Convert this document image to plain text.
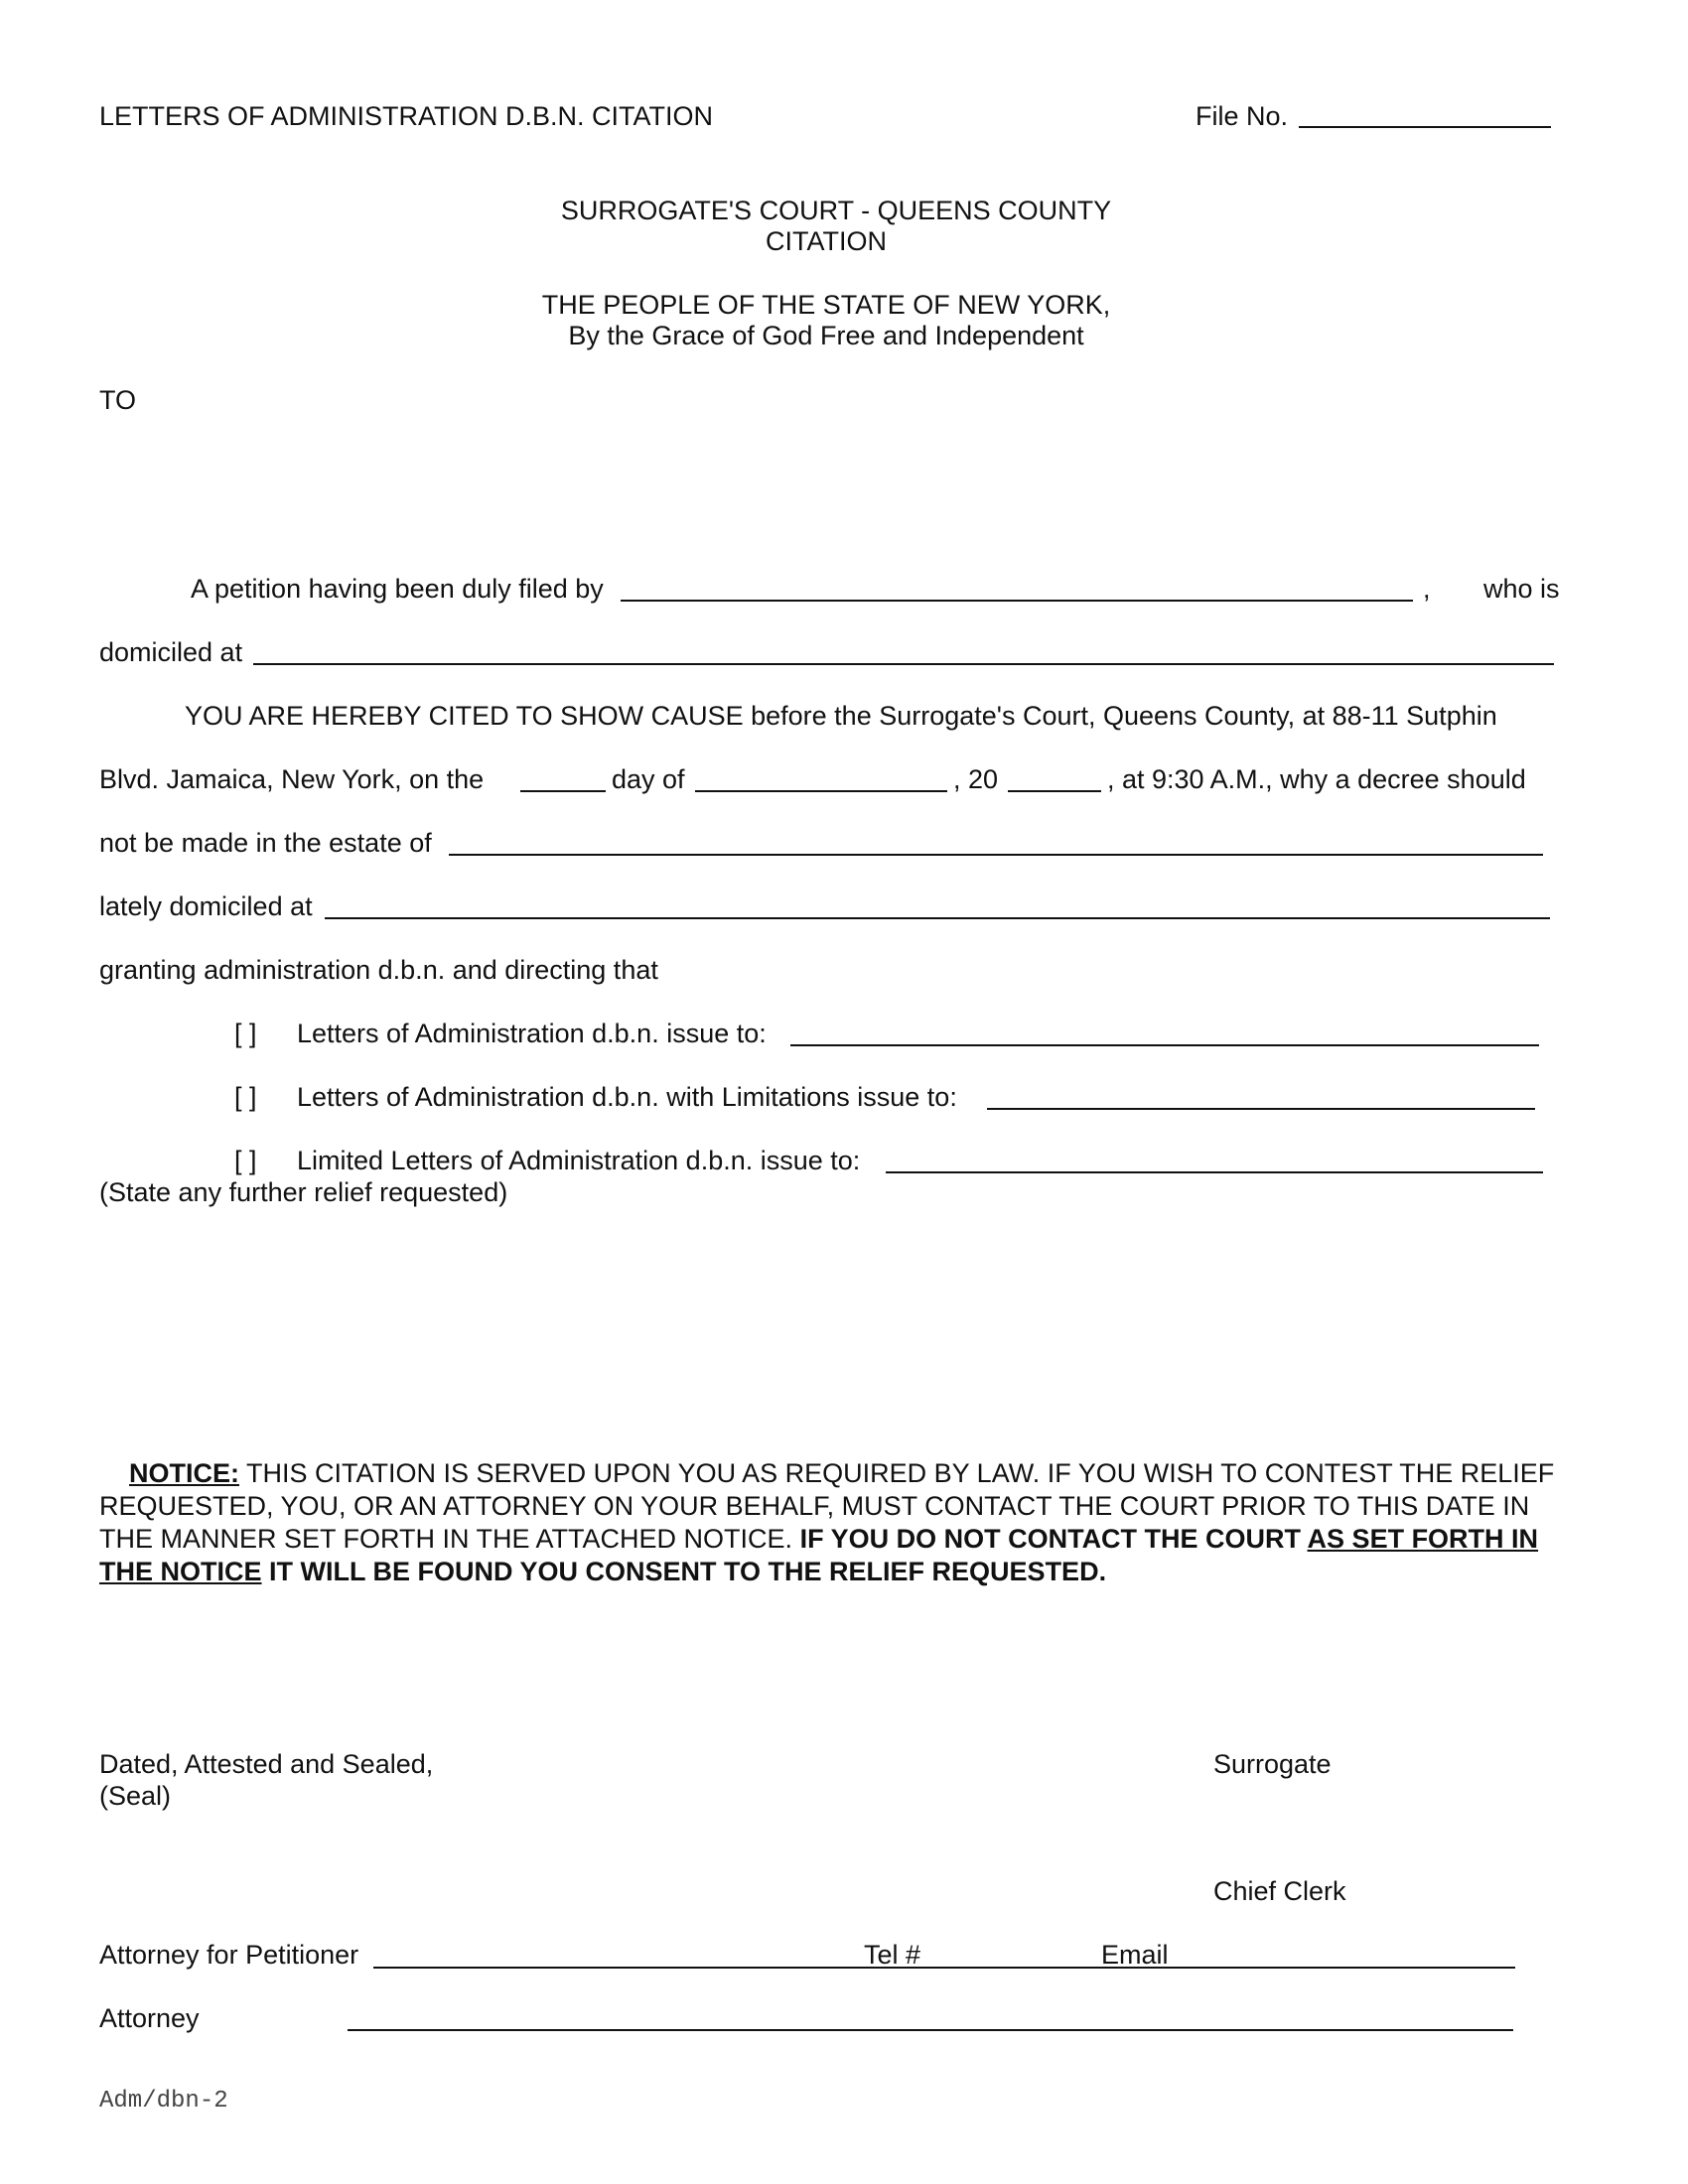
LETTERS OF ADMINISTRATION D.B.N. CITATION	File No.
SURROGATE'S COURT - QUEENS COUNTY
CITATION
THE PEOPLE OF THE STATE OF NEW YORK,
By the Grace of God Free and Independent
TO
A petition having been duly filed by	, who is
domiciled at
YOU ARE HEREBY CITED TO SHOW CAUSE before the Surrogate's Court, Queens County, at 88-11 Sutphin
Blvd. Jamaica, New York, on the	day of	, 20	, at 9:30 A.M., why a decree should
not be made in the estate of
lately domiciled at
granting administration d.b.n. and directing that
[ ] Letters of Administration d.b.n. issue to:
[ ] Letters of Administration d.b.n. with Limitations issue to:
[ ] Limited Letters of Administration d.b.n. issue to:
(State any further relief requested)
NOTICE: THIS CITATION IS SERVED UPON YOU AS REQUIRED BY LAW. IF YOU WISH TO CONTEST THE RELIEF REQUESTED, YOU, OR AN ATTORNEY ON YOUR BEHALF, MUST CONTACT THE COURT PRIOR TO THIS DATE IN THE MANNER SET FORTH IN THE ATTACHED NOTICE. IF YOU DO NOT CONTACT THE COURT AS SET FORTH IN THE NOTICE IT WILL BE FOUND YOU CONSENT TO THE RELIEF REQUESTED.
Dated, Attested and Sealed,
(Seal)
Surrogate
Chief Clerk
Attorney for Petitioner	Tel #	Email
Attorney
Adm/dbn-2
